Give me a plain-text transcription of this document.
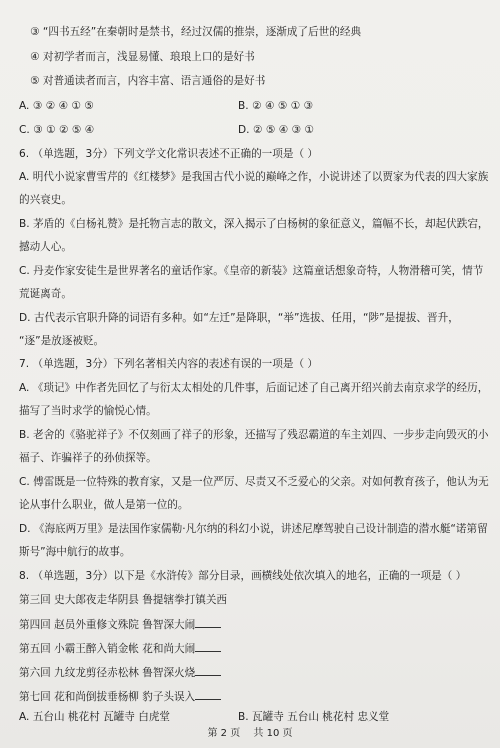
③ “四书五经”在秦朝时是禁书，经过汉儒的推崇，逐渐成了后世的经典
④ 对初学者而言，浅显易懂、琅琅上口的是好书
⑤ 对普通读者而言，内容丰富、语言通俗的是好书
A. ③ ② ④ ① ⑤	B. ② ④ ⑤ ① ③
C. ③ ① ② ⑤ ④	D. ② ⑤ ④ ③ ①
6. （单选题，3分）下列文学文化常识表述不正确的一项是（ ）
A. 明代小说家曹雪芹的《红楼梦》是我国古代小说的巅峰之作，小说讲述了以贾家为代表的四大家族
的兴衰史。
B. 茅盾的《白杨礼赞》是托物言志的散文，深入揭示了白杨树的象征意义，篇幅不长，却起伏跌宕，
撼动人心。
C. 丹麦作家安徒生是世界著名的童话作家。《皇帝的新装》这篇童话想象奇特，人物滑稽可笑，情节
荒诞离奇。
D. 古代表示官职升降的词语有多种。如“左迁”是降职，“举”选拔、任用，“陟”是提拔、晋升，
“逐”是放逐被贬。
7. （单选题，3分）下列名著相关内容的表述有误的一项是（ ）
A. 《琐记》中作者先回忆了与衍太太相处的几件事，后面记述了自己离开绍兴前去南京求学的经历，
描写了当时求学的愉悦心情。
B. 老舍的《骆驼祥子》不仅刻画了祥子的形象，还描写了残忍霸道的车主刘四、一步步走向毁灭的小
福子、诈骗祥子的孙侦探等。
C. 傅雷既是一位特殊的教育家，又是一位严厉、尽责又不乏爱心的父亲。对如何教育孩子，他认为无
论从事什么职业，做人是第一位的。
D. 《海底两万里》是法国作家儒勒·凡尔纳的科幻小说，讲述尼摩驾驶自己设计制造的潜水艇“诺第留
斯号”海中航行的故事。
8. （单选题，3分）以下是《水浒传》部分目录，画横线处依次填入的地名，正确的一项是（ ）
第三回 史大郎夜走华阴县 鲁提辖拳打镇关西
第四回 赵员外重修文殊院 鲁智深大闹
第五回 小霸王醉入销金帐 花和尚大闹
第六回 九纹龙剪径赤松林 鲁智深火烧
第七回 花和尚倒拔垂杨柳 豹子头误入
A. 五台山 桃花村 瓦罐寺 白虎堂	B. 瓦罐寺 五台山 桃花村 忠义堂
第 2 页 共 10 页
